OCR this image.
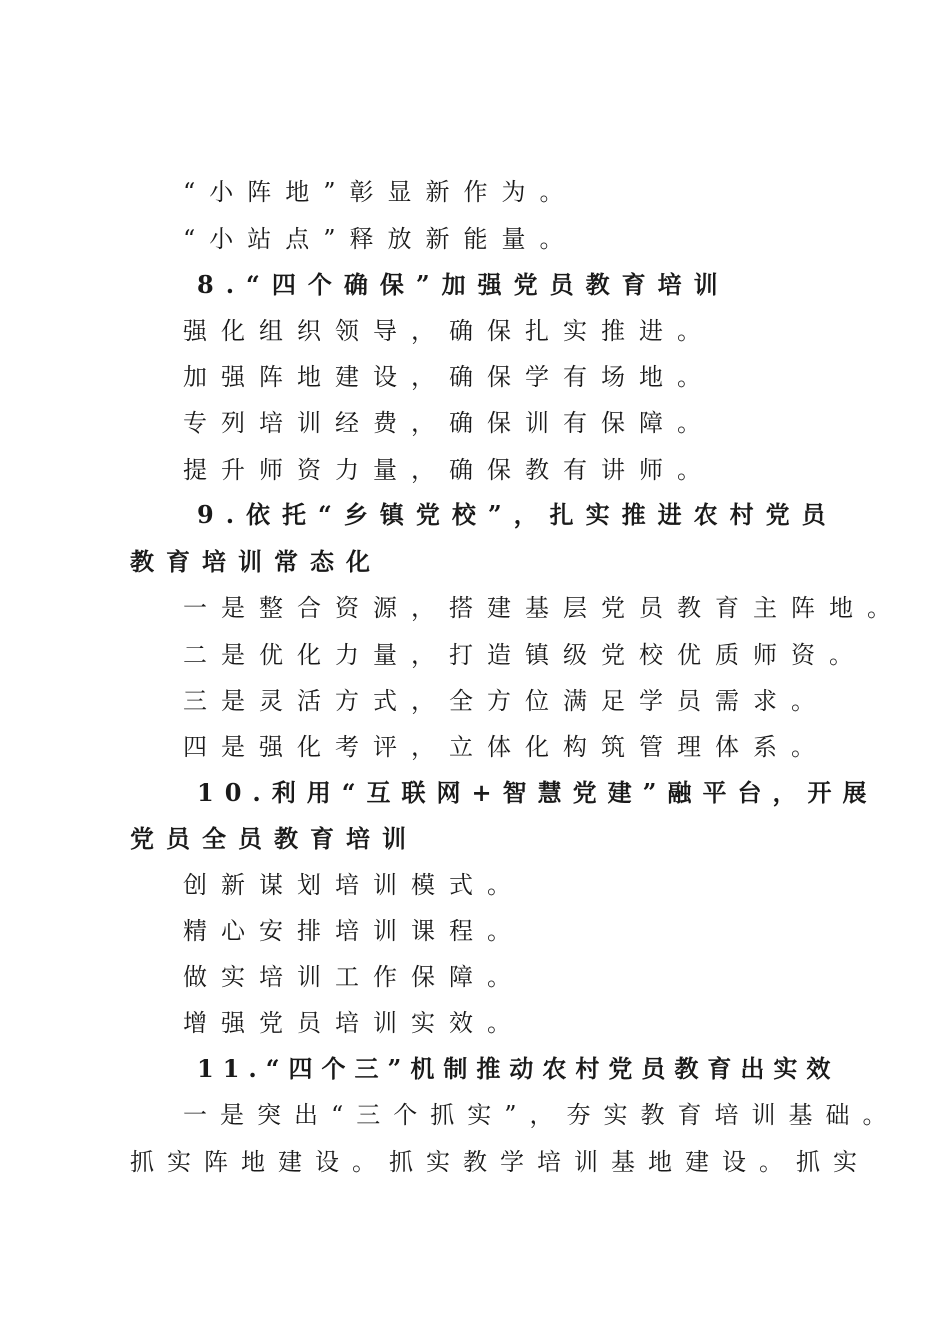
“小阵地”彰显新作为。
“小站点”释放新能量。
8.“四个确保”加强党员教育培训
强化组织领导，确保扎实推进。
加强阵地建设，确保学有场地。
专列培训经费，确保训有保障。
提升师资力量，确保教有讲师。
9.依托“乡镇党校”，扎实推进农村党员
教育培训常态化
一是整合资源，搭建基层党员教育主阵地。
二是优化力量，打造镇级党校优质师资。
三是灵活方式，全方位满足学员需求。
四是强化考评，立体化构筑管理体系。
10.利用“互联网+智慧党建”融平台，开展
党员全员教育培训
创新谋划培训模式。
精心安排培训课程。
做实培训工作保障。
增强党员培训实效。
11.“四个三”机制推动农村党员教育出实效
一是突出“三个抓实”，夯实教育培训基础。
抓实阵地建设。抓实教学培训基地建设。抓实
